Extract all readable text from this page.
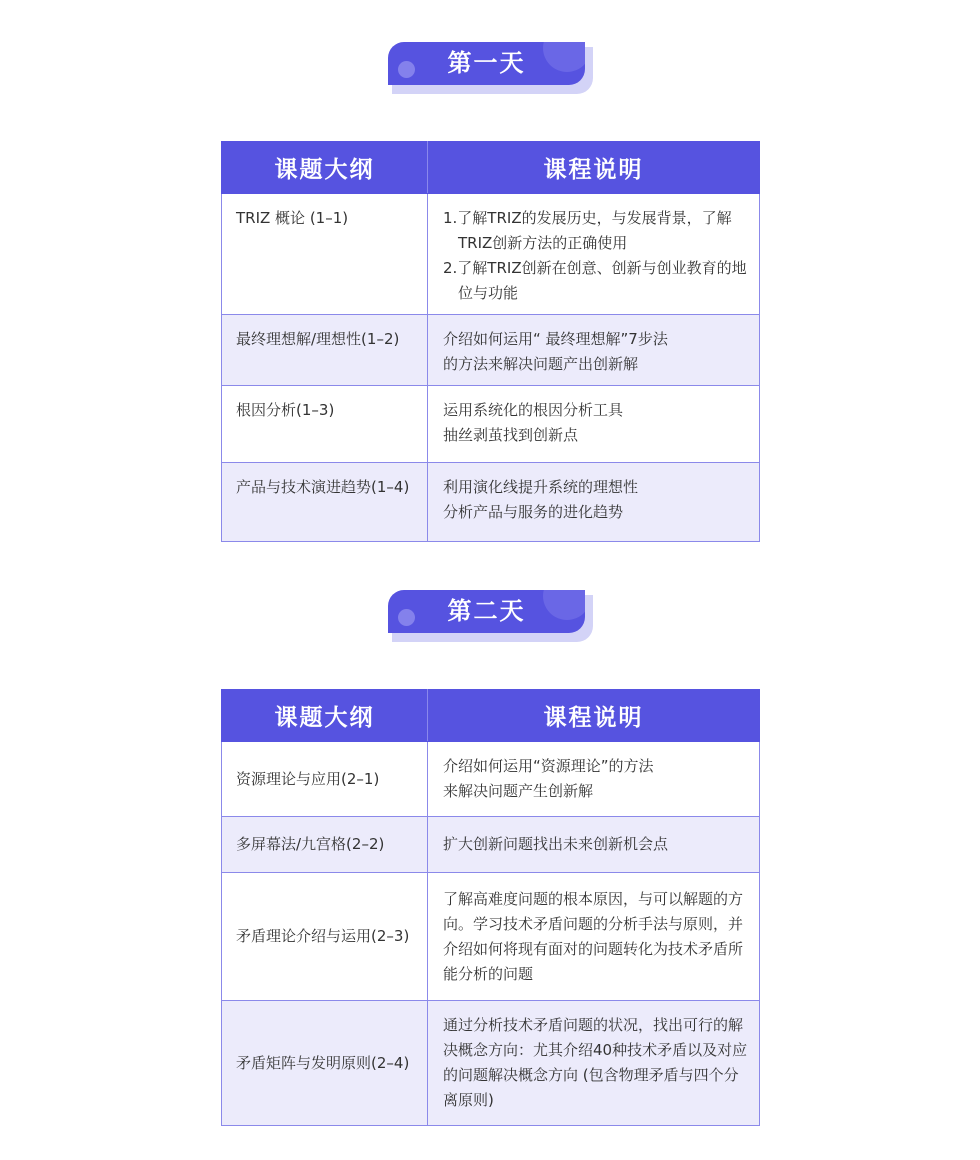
第一天
课题大纲	课程说明
TRIZ 概论 (1–1)	1.了解TRIZ的发展历史，与发展背景，了解TRIZ创新方法的正确使用
2.了解TRIZ创新在创意、创新与创业教育的地位与功能

最终理想解/理想性(1–2)	介绍如何运用“ 最终理想解”7步法
的方法来解决问题产出创新解

根因分析(1–3)	运用系统化的根因分析工具
抽丝剥茧找到创新点

产品与技术演进趋势(1–4)	利用演化线提升系统的理想性
分析产品与服务的进化趋势
第二天
课题大纲	课程说明
资源理论与应用(2–1)	介绍如何运用“资源理论”的方法
来解决问题产生创新解

多屏幕法/九宫格(2–2)	扩大创新问题找出未来创新机会点

矛盾理论介绍与运用(2–3)	了解高难度问题的根本原因，与可以解题的方向。学习技术矛盾问题的分析手法与原则，并介绍如何将现有面对的问题转化为技术矛盾所能分析的问题

矛盾矩阵与发明原则(2–4)	通过分析技术矛盾问题的状况，找出可行的解决概念方向：尤其介绍40种技术矛盾以及对应的问题解决概念方向 (包含物理矛盾与四个分离原则)
